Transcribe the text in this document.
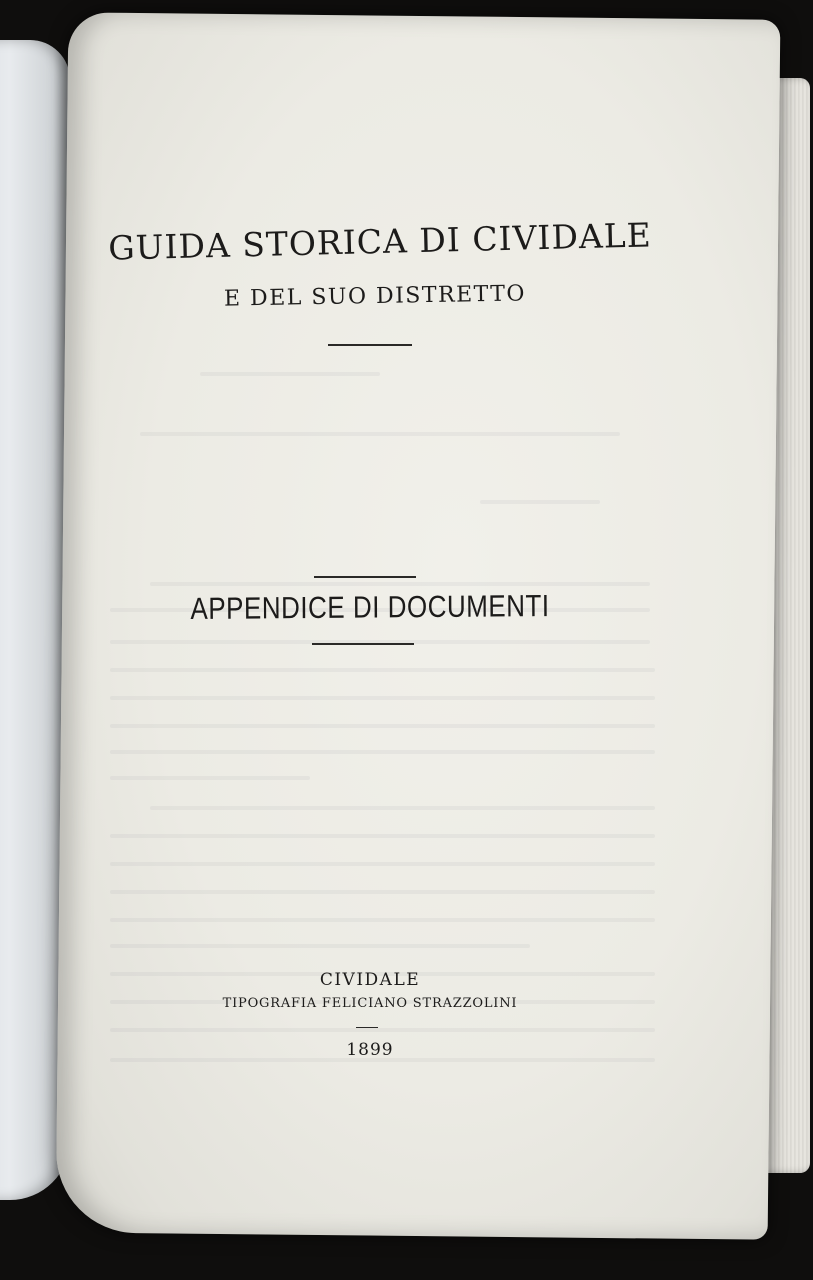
GUIDA STORICA DI CIVIDALE
E DEL SUO DISTRETTO
APPENDICE DI DOCUMENTI
CIVIDALE
TIPOGRAFIA FELICIANO STRAZZOLINI
1899
